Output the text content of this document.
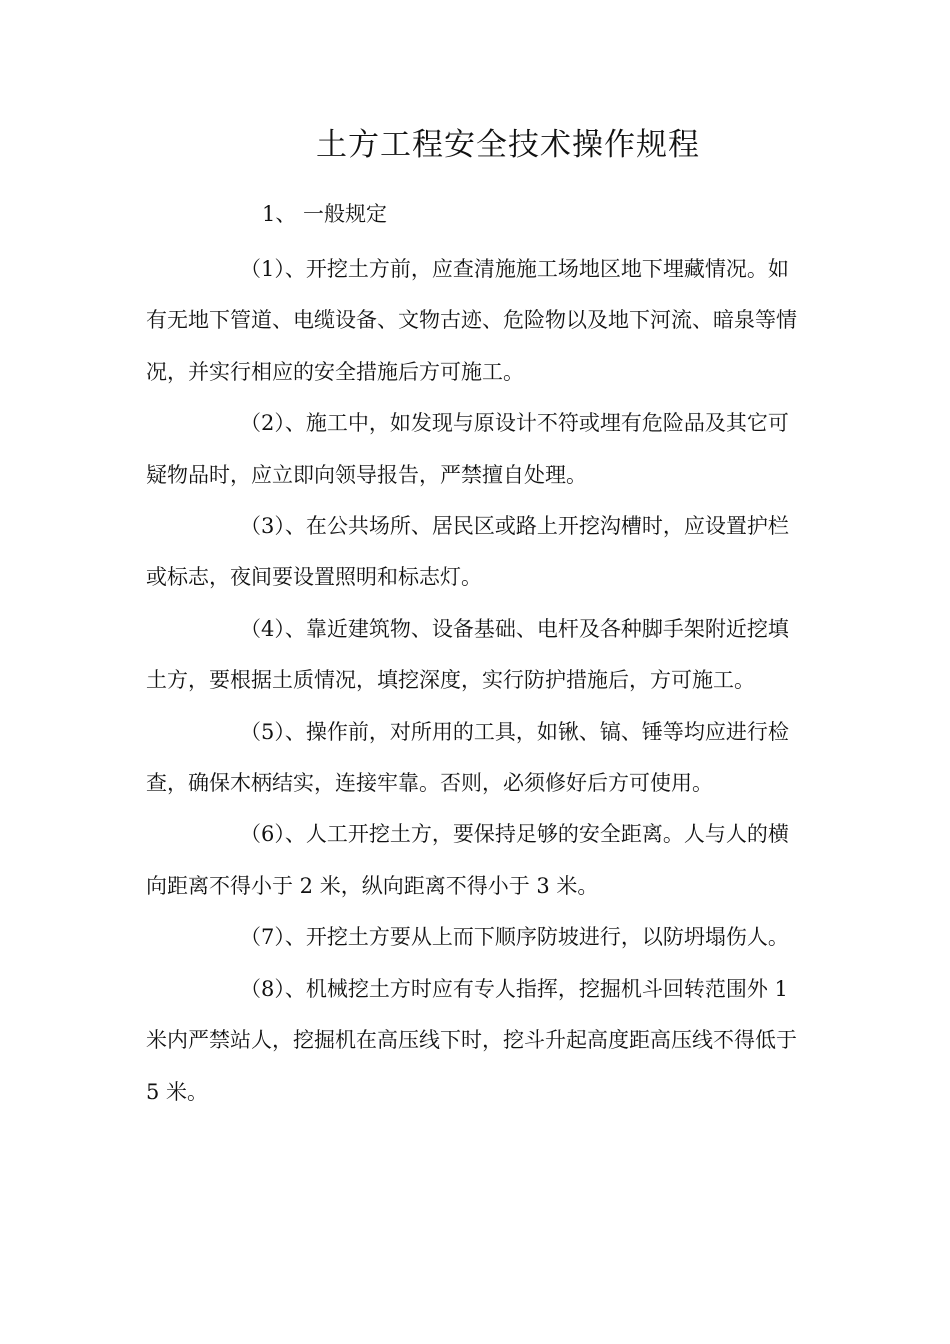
土方工程安全技术操作规程

1、 一般规定

（1）、开挖土方前，应查清施施工场地区地下埋藏情况。如有无地下管道、电缆设备、文物古迹、危险物以及地下河流、暗泉等情况，并实行相应的安全措施后方可施工。

（2）、施工中，如发现与原设计不符或埋有危险品及其它可疑物品时，应立即向领导报告，严禁擅自处理。

（3）、在公共场所、居民区或路上开挖沟槽时，应设置护栏或标志，夜间要设置照明和标志灯。

（4）、靠近建筑物、设备基础、电杆及各种脚手架附近挖填土方，要根据土质情况，填挖深度，实行防护措施后，方可施工。

（5）、操作前，对所用的工具，如锹、镐、锤等均应进行检查，确保木柄结实，连接牢靠。否则，必须修好后方可使用。

（6）、人工开挖土方，要保持足够的安全距离。人与人的横向距离不得小于 2 米，纵向距离不得小于 3 米。

（7）、开挖土方要从上而下顺序防坡进行，以防坍塌伤人。

（8）、机械挖土方时应有专人指挥，挖掘机斗回转范围外 1 米内严禁站人，挖掘机在高压线下时，挖斗升起高度距高压线不得低于 5 米。
